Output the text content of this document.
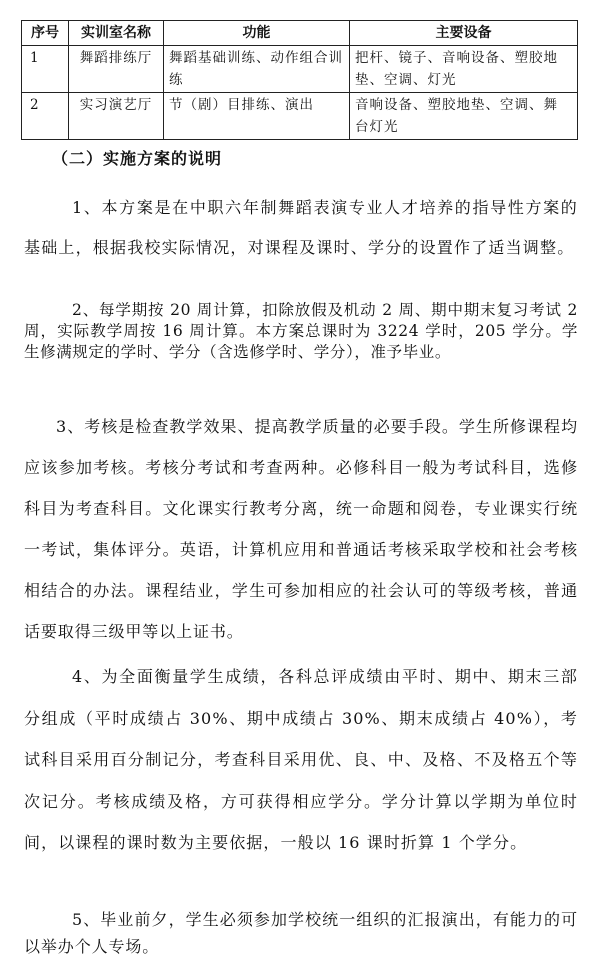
序号	实训室名称	功能	主要设备
1	舞蹈排练厅	舞蹈基础训练、动作组合训练	把杆、镜子、音响设备、塑胶地垫、空调、灯光
2	实习演艺厅	节（剧）目排练、演出	音响设备、塑胶地垫、空调、舞台灯光
（二）实施方案的说明

1、本方案是在中职六年制舞蹈表演专业人才培养的指导性方案的基础上，根据我校实际情况，对课程及课时、学分的设置作了适当调整。

2、每学期按 20 周计算，扣除放假及机动 2 周、期中期末复习考试 2 周，实际教学周按 16 周计算。本方案总课时为 3224 学时，205 学分。学生修满规定的学时、学分（含选修学时、学分），准予毕业。

3、考核是检查教学效果、提高教学质量的必要手段。学生所修课程均应该参加考核。考核分考试和考查两种。必修科目一般为考试科目，选修科目为考查科目。文化课实行教考分离，统一命题和阅卷，专业课实行统一考试，集体评分。英语，计算机应用和普通话考核采取学校和社会考核相结合的办法。课程结业，学生可参加相应的社会认可的等级考核，普通话要取得三级甲等以上证书。

4、为全面衡量学生成绩，各科总评成绩由平时、期中、期末三部分组成（平时成绩占 30%、期中成绩占 30%、期末成绩占 40%），考试科目采用百分制记分，考查科目采用优、良、中、及格、不及格五个等次记分。考核成绩及格，方可获得相应学分。学分计算以学期为单位时间，以课程的课时数为主要依据，一般以 16 课时折算 1 个学分。

5、毕业前夕，学生必须参加学校统一组织的汇报演出，有能力的可以举办个人专场。
